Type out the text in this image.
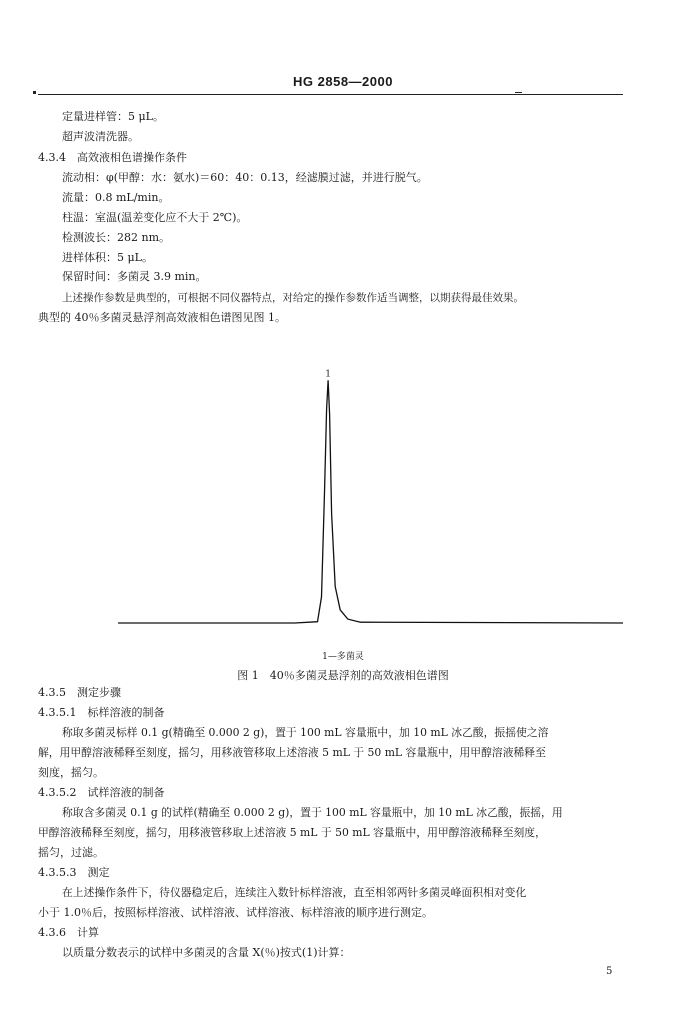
HG 2858—2000
定量进样管：5 μL。
超声波清洗器。
4.3.4　高效液相色谱操作条件
流动相：φ(甲醇：水：氨水)＝60：40：0.13，经滤膜过滤，并进行脱气。
流量：0.8 mL/min。
柱温：室温(温差变化应不大于 2℃)。
检测波长：282 nm。
进样体积：5 μL。
保留时间：多菌灵 3.9 min。
上述操作参数是典型的，可根据不同仪器特点，对给定的操作参数作适当调整，以期获得最佳效果。
典型的 40％多菌灵悬浮剂高效液相色谱图见图 1。
1
1—多菌灵
图 1　40％多菌灵悬浮剂的高效液相色谱图
4.3.5　测定步骤
4.3.5.1　标样溶液的制备
称取多菌灵标样 0.1 g(精确至 0.000 2 g)，置于 100 mL 容量瓶中，加 10 mL 冰乙酸，振摇使之溶
解，用甲醇溶液稀释至刻度，摇匀，用移液管移取上述溶液 5 mL 于 50 mL 容量瓶中，用甲醇溶液稀释至
刻度，摇匀。
4.3.5.2　试样溶液的制备
称取含多菌灵 0.1 g 的试样(精确至 0.000 2 g)，置于 100 mL 容量瓶中，加 10 mL 冰乙酸，振摇，用
甲醇溶液稀释至刻度，摇匀，用移液管移取上述溶液 5 mL 于 50 mL 容量瓶中，用甲醇溶液稀释至刻度，
摇匀，过滤。
4.3.5.3　测定
在上述操作条件下，待仪器稳定后，连续注入数针标样溶液，直至相邻两针多菌灵峰面积相对变化
小于 1.0％后，按照标样溶液、试样溶液、试样溶液、标样溶液的顺序进行测定。
4.3.6　计算
以质量分数表示的试样中多菌灵的含量 X(％)按式(1)计算：
5
